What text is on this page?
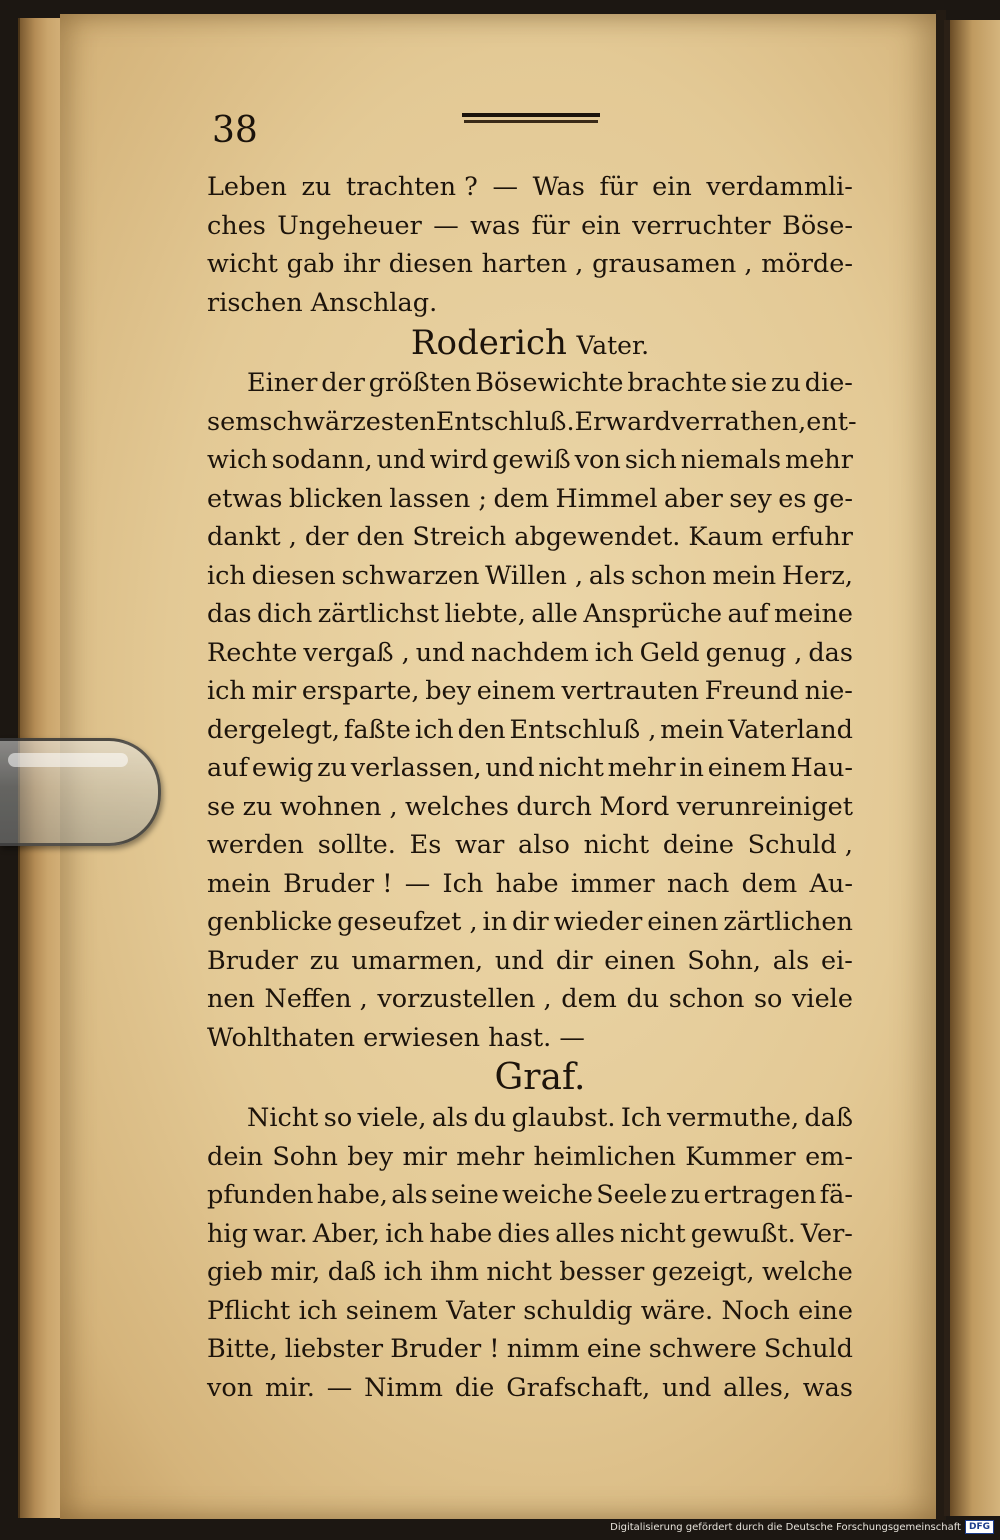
38
Leben zu trachten ? — Was für ein verdammli-
ches Ungeheuer — was für ein verruchter Böse-
wicht gab ihr diesen harten , grausamen , mörde-
rischen Anschlag.
Roderich Vater.
Einer der größten Bösewichte brachte sie zu die-
sem schwärzesten Entschluß. Er ward verrathen, ent-
wich sodann, und wird gewiß von sich niemals mehr
etwas blicken lassen ; dem Himmel aber sey es ge-
dankt , der den Streich abgewendet. Kaum erfuhr
ich diesen schwarzen Willen , als schon mein Herz,
das dich zärtlichst liebte, alle Ansprüche auf meine
Rechte vergaß , und nachdem ich Geld genug , das
ich mir ersparte, bey einem vertrauten Freund nie-
dergelegt, faßte ich den Entschluß , mein Vaterland
auf ewig zu verlassen, und nicht mehr in einem Hau-
se zu wohnen , welches durch Mord verunreiniget
werden sollte. Es war also nicht deine Schuld ,
mein Bruder ! — Ich habe immer nach dem Au-
genblicke geseufzet , in dir wieder einen zärtlichen
Bruder zu umarmen, und dir einen Sohn, als ei-
nen Neffen , vorzustellen , dem du schon so viele
Wohlthaten erwiesen hast. —
Graf.
Nicht so viele, als du glaubst. Ich vermuthe, daß
dein Sohn bey mir mehr heimlichen Kummer em-
pfunden habe, als seine weiche Seele zu ertragen fä-
hig war. Aber, ich habe dies alles nicht gewußt. Ver-
gieb mir, daß ich ihm nicht besser gezeigt, welche
Pflicht ich seinem Vater schuldig wäre. Noch eine
Bitte, liebster Bruder ! nimm eine schwere Schuld
von mir. — Nimm die Grafschaft, und alles, was
Digitalisierung gefördert durch die Deutsche Forschungsgemeinschaft DFG
